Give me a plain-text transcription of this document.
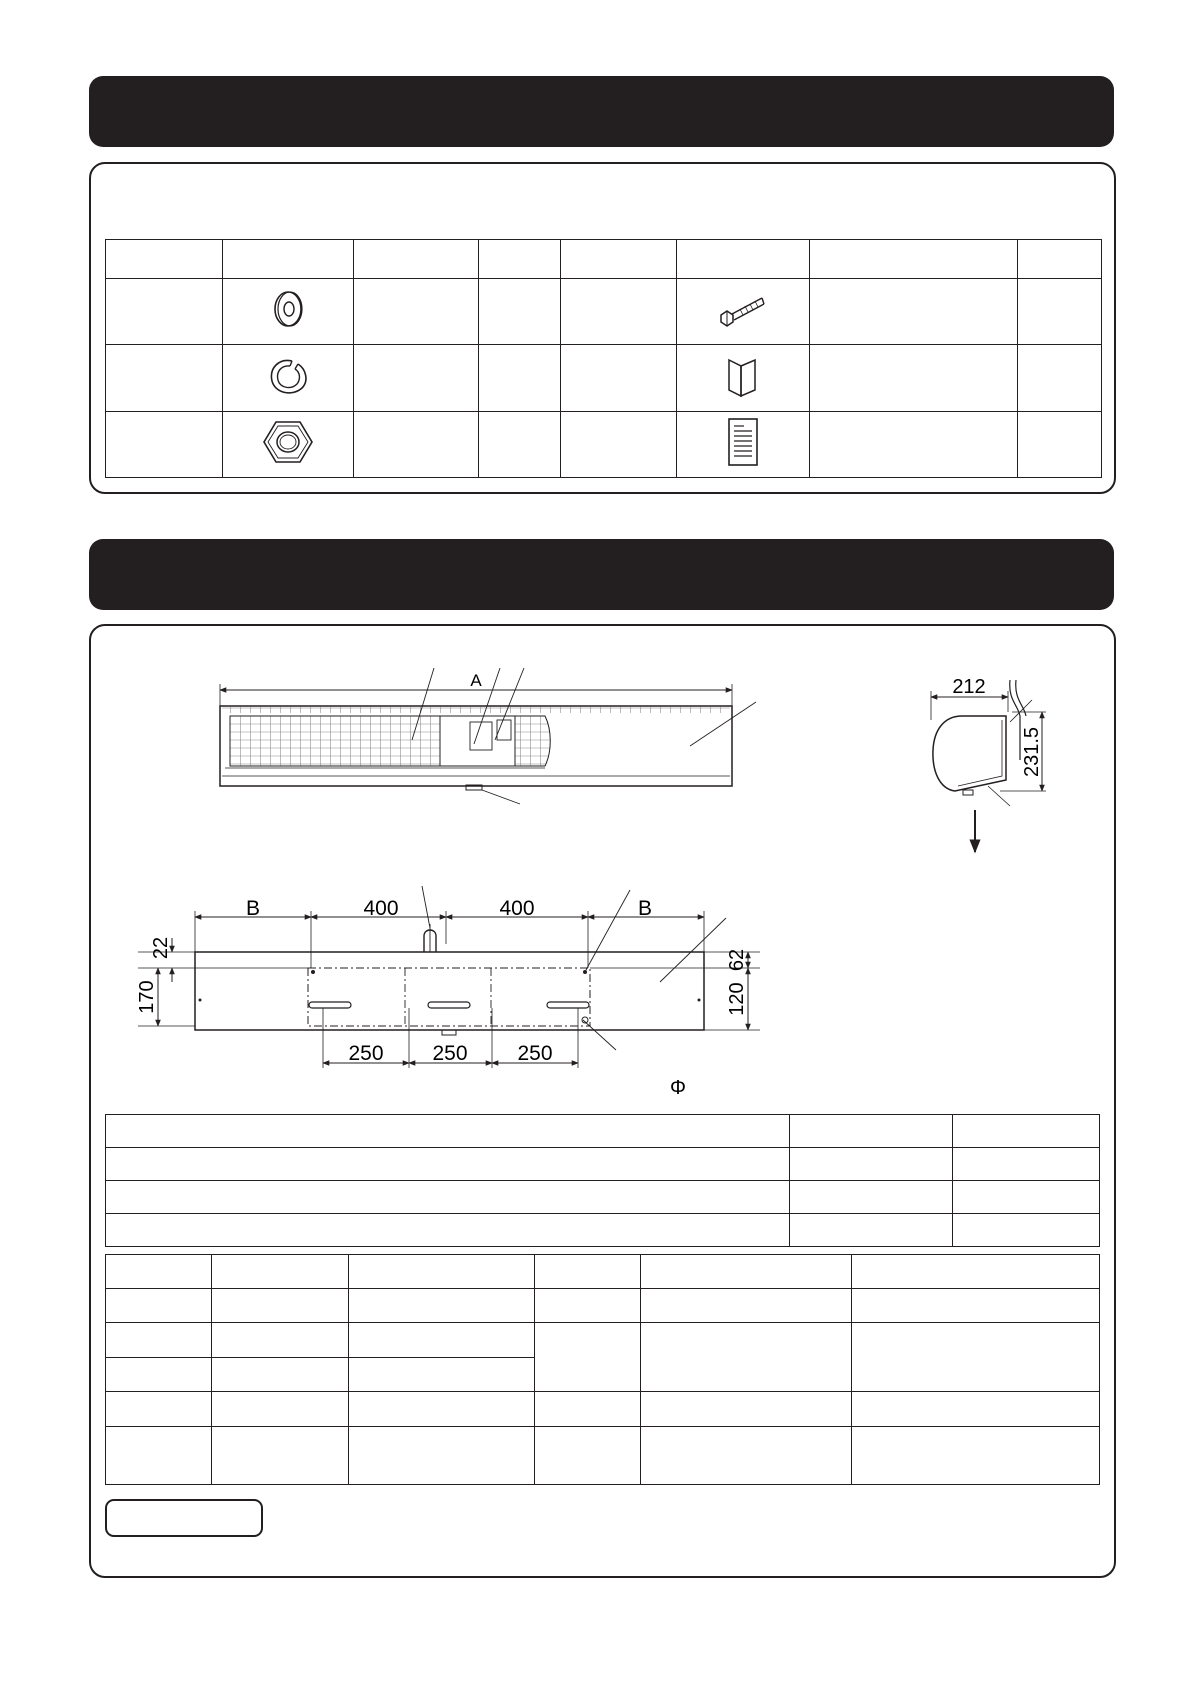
A	212
231.5
B	400	400	B
22
170
62
120
250 250 250
Φ
